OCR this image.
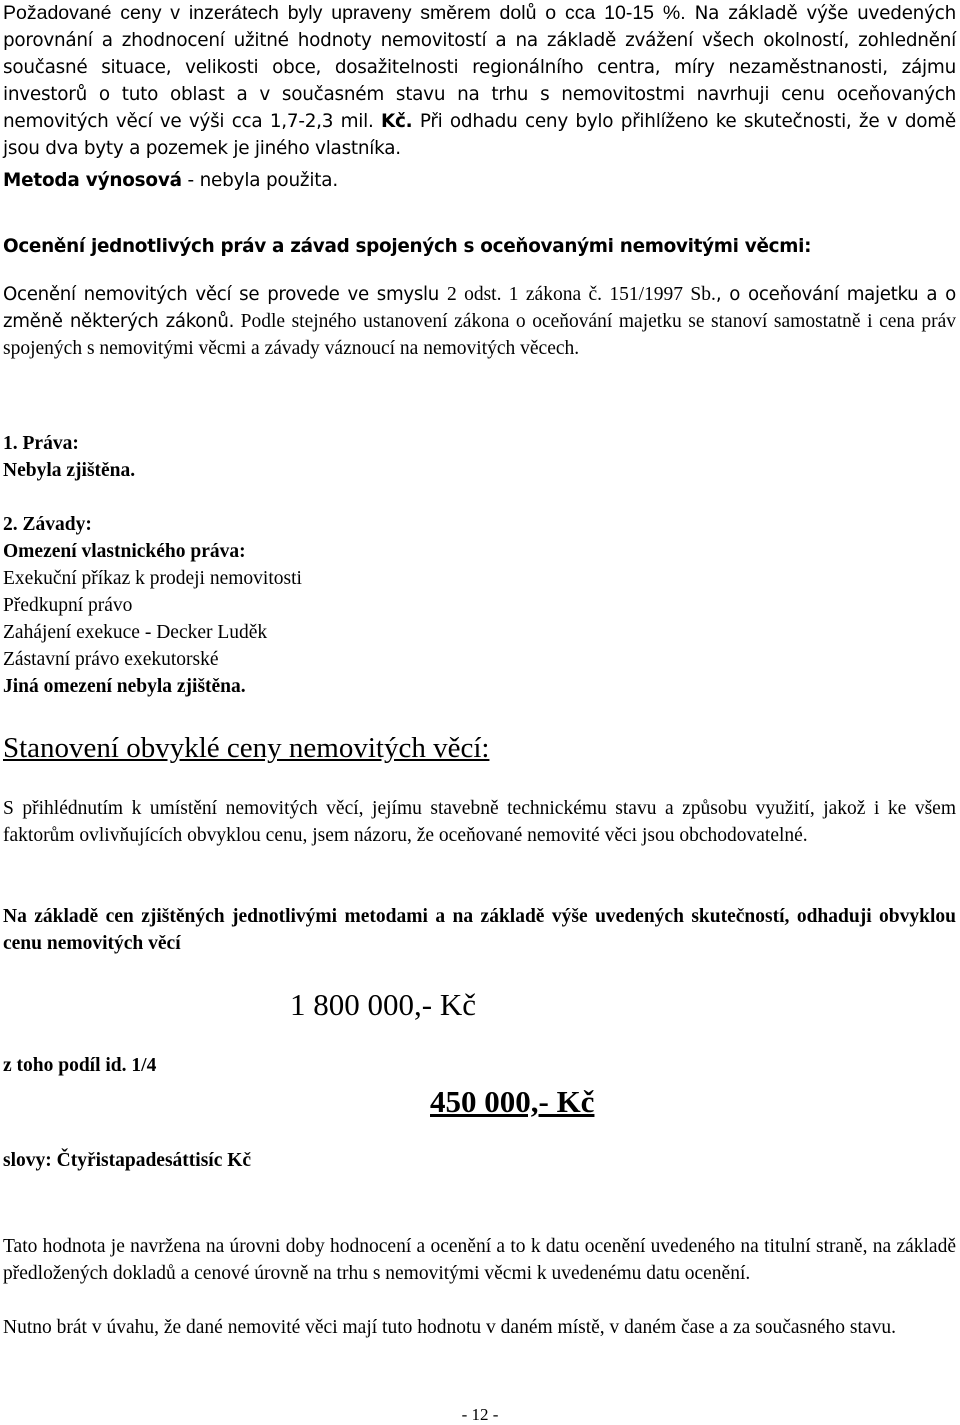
Požadované ceny v inzerátech byly upraveny směrem dolů o cca 10-15 %. Na základě výše uvedených porovnání a zhodnocení užitné hodnoty nemovitostí a na základě zvážení všech okolností, zohlednění současné situace, velikosti obce, dosažitelnosti regionálního centra, míry nezaměstnanosti, zájmu investorů o tuto oblast a v současném stavu na trhu s nemovitostmi navrhuji cenu oceňovaných nemovitých věcí ve výši cca 1,7-2,3 mil. Kč. Při odhadu ceny bylo přihlíženo ke skutečnosti, že v domě jsou dva byty a pozemek je jiného vlastníka.
Metoda výnosová - nebyla použita.
Ocenění jednotlivých práv a závad spojených s oceňovanými nemovitými věcmi:
Ocenění nemovitých věcí se provede ve smyslu 2 odst. 1 zákona č. 151/1997 Sb., o oceňování majetku a o změně některých zákonů. Podle stejného ustanovení zákona o oceňování majetku se stanoví samostatně i cena práv spojených s nemovitými věcmi a závady váznoucí na nemovitých věcech.
1. Práva:
Nebyla zjištěna.
2. Závady:
Omezení vlastnického práva:
Exekuční příkaz k prodeji nemovitosti
Předkupní právo
Zahájení exekuce - Decker Luděk
Zástavní právo exekutorské
Jiná omezení nebyla zjištěna.
Stanovení obvyklé ceny nemovitých věcí:
S přihlédnutím k umístění nemovitých věcí, jejímu stavebně technickému stavu a způsobu využití, jakož i ke všem faktorům ovlivňujících obvyklou cenu, jsem názoru, že oceňované nemovité věci jsou obchodovatelné.
Na základě cen zjištěných jednotlivými metodami a na základě výše uvedených skutečností, odhaduji obvyklou cenu nemovitých věcí
1 800 000,- Kč
z toho podíl id. 1/4
450 000,- Kč
slovy: Čtyřistapadesáttisíc Kč
Tato hodnota je navržena na úrovni doby hodnocení a ocenění a to k datu ocenění uvedeného na titulní straně, na základě předložených dokladů a cenové úrovně na trhu s nemovitými věcmi k uvedenému datu ocenění.
Nutno brát v úvahu, že dané nemovité věci mají tuto hodnotu v daném místě, v daném čase a za současného stavu.
- 12 -
